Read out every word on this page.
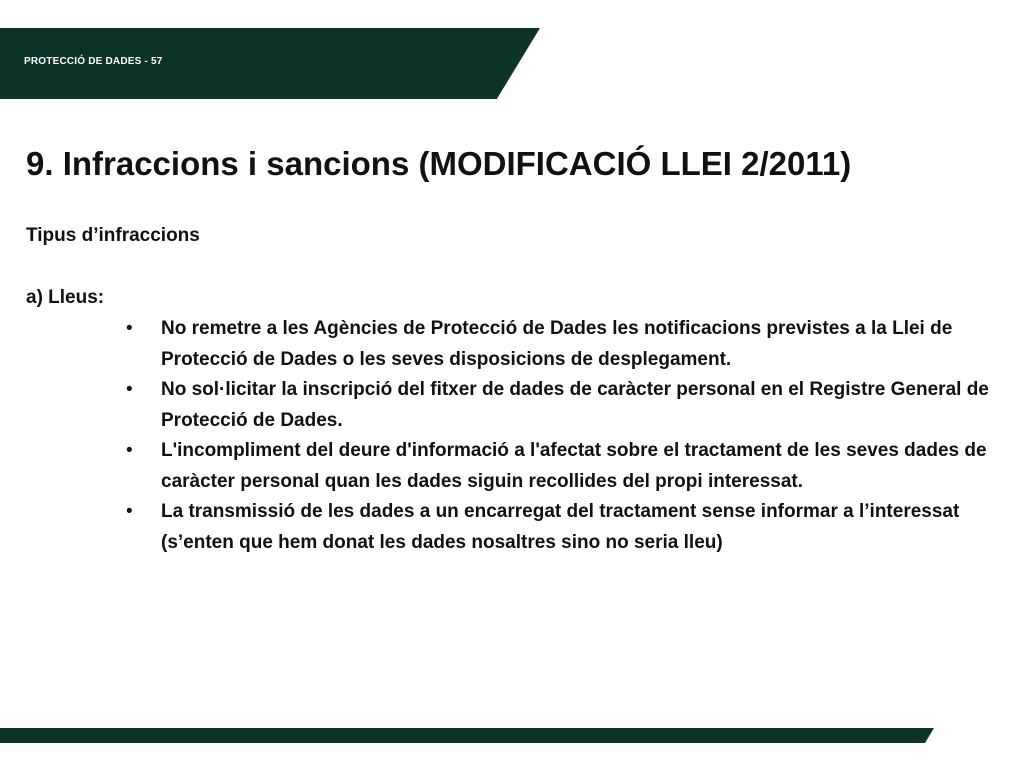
PROTECCIÓ DE DADES - 57
9. Infraccions i sancions (MODIFICACIÓ LLEI 2/2011)
Tipus d’infraccions
a) Lleus:
•	No remetre a les Agències de Protecció de Dades les notificacions previstes a la Llei de Protecció de Dades o les seves disposicions de desplegament.
•	No sol·licitar la inscripció del fitxer de dades de caràcter personal en el Registre General de Protecció de Dades.
•	L'incompliment del deure d'informació a l'afectat sobre el tractament de les seves dades de caràcter personal quan les dades siguin recollides del propi interessat.
•	La transmissió de les dades a un encarregat del tractament sense informar a l’interessat (s’enten que hem donat les dades nosaltres sino no seria lleu)
